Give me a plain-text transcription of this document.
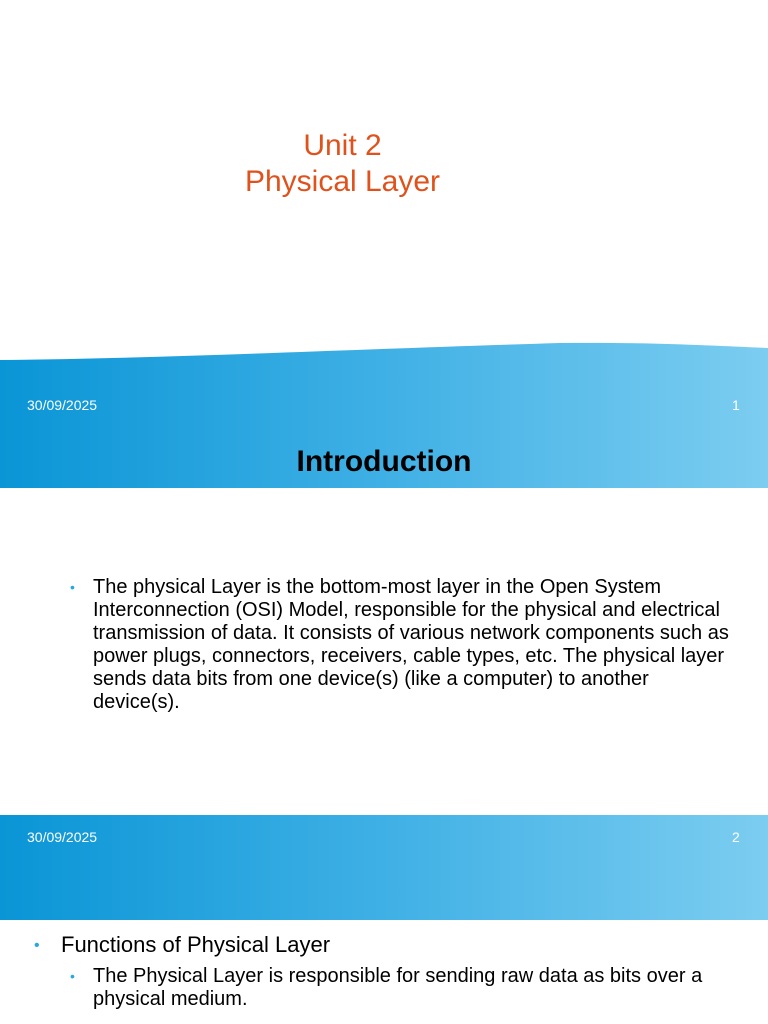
Unit 2
Physical Layer
30/09/2025	1
Introduction
• The physical Layer is the bottom-most layer in the Open System Interconnection (OSI) Model, responsible for the physical and electrical transmission of data. It consists of various network components such as power plugs, connectors, receivers, cable types, etc. The physical layer sends data bits from one device(s) (like a computer) to another device(s).
30/09/2025	2
• Functions of Physical Layer
• The Physical Layer is responsible for sending raw data as bits over a physical medium.
